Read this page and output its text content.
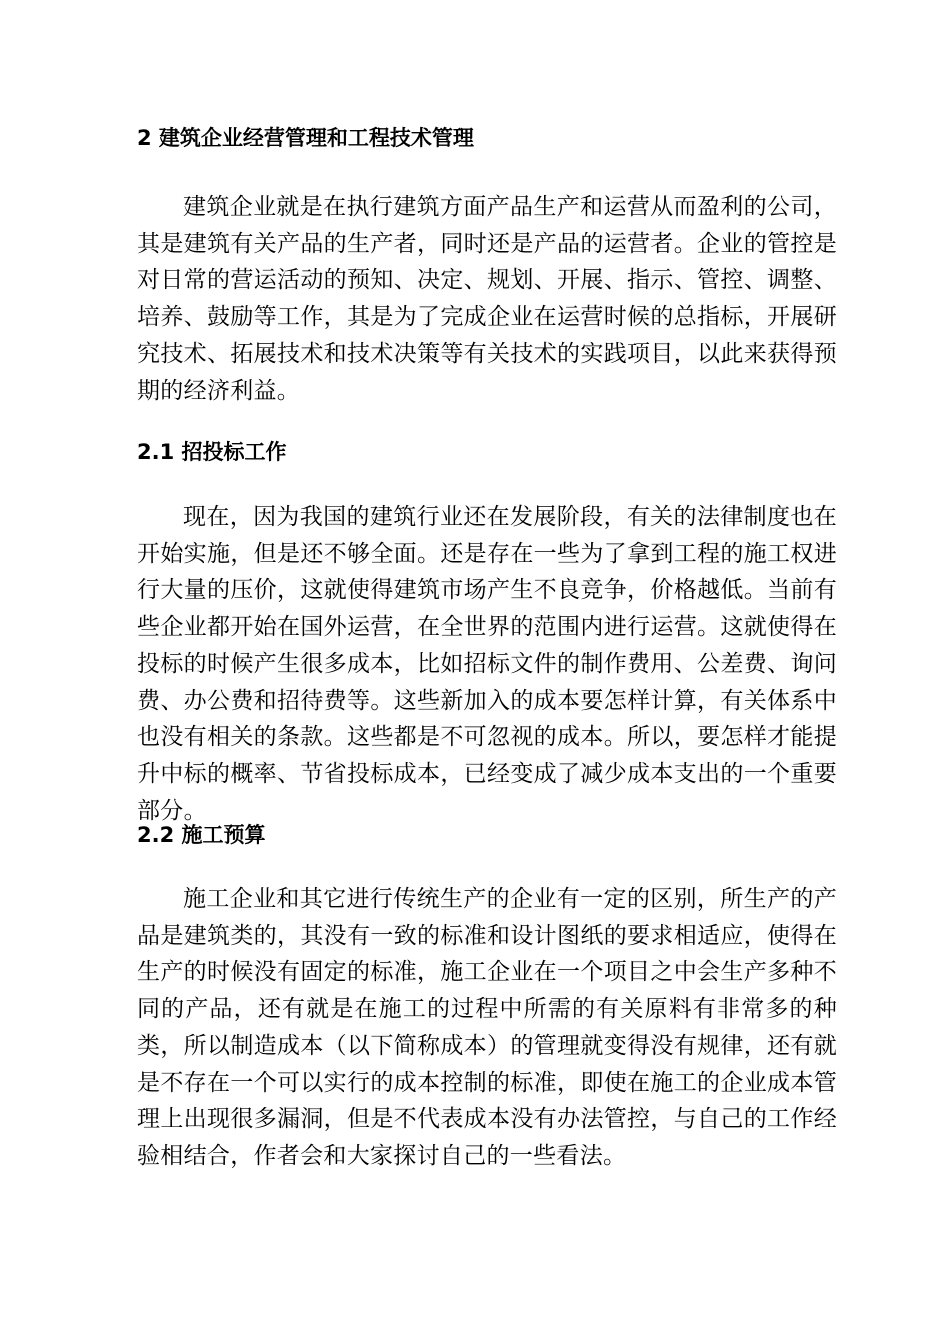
2 建筑企业经营管理和工程技术管理

建筑企业就是在执行建筑方面产品生产和运营从而盈利的公司，其是建筑有关产品的生产者，同时还是产品的运营者。企业的管控是对日常的营运活动的预知、决定、规划、开展、指示、管控、调整、培养、鼓励等工作，其是为了完成企业在运营时候的总指标，开展研究技术、拓展技术和技术决策等有关技术的实践项目，以此来获得预期的经济利益。

2.1 招投标工作

现在，因为我国的建筑行业还在发展阶段，有关的法律制度也在开始实施，但是还不够全面。还是存在一些为了拿到工程的施工权进行大量的压价，这就使得建筑市场产生不良竞争，价格越低。当前有些企业都开始在国外运营，在全世界的范围内进行运营。这就使得在投标的时候产生很多成本，比如招标文件的制作费用、公差费、询问费、办公费和招待费等。这些新加入的成本要怎样计算，有关体系中也没有相关的条款。这些都是不可忽视的成本。所以，要怎样才能提升中标的概率、节省投标成本，已经变成了减少成本支出的一个重要部分。

2.2 施工预算

施工企业和其它进行传统生产的企业有一定的区别，所生产的产品是建筑类的，其没有一致的标准和设计图纸的要求相适应，使得在生产的时候没有固定的标准，施工企业在一个项目之中会生产多种不同的产品，还有就是在施工的过程中所需的有关原料有非常多的种类，所以制造成本（以下简称成本）的管理就变得没有规律，还有就是不存在一个可以实行的成本控制的标准，即使在施工的企业成本管理上出现很多漏洞，但是不代表成本没有办法管控，与自己的工作经验相结合，作者会和大家探讨自己的一些看法。
